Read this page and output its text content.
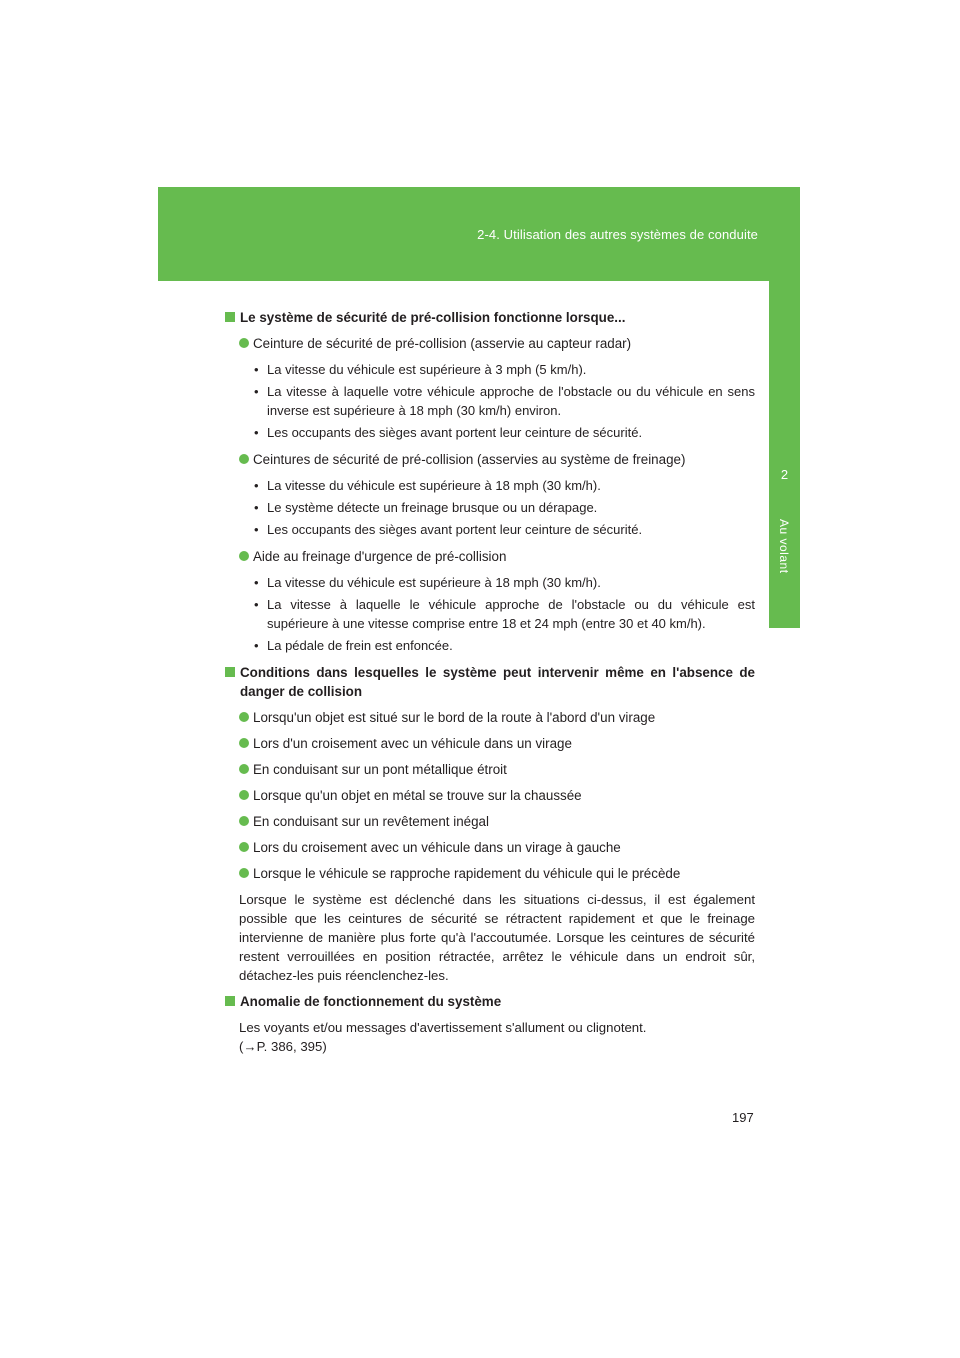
2-4. Utilisation des autres systèmes de conduite
2
Au volant

Le système de sécurité de pré-collision fonctionne lorsque...

Ceinture de sécurité de pré-collision (asservie au capteur radar)

• La vitesse du véhicule est supérieure à 3 mph (5 km/h).

• La vitesse à laquelle votre véhicule approche de l'obstacle ou du véhicule en sens inverse est supérieure à 18 mph (30 km/h) environ.

• Les occupants des sièges avant portent leur ceinture de sécurité.

Ceintures de sécurité de pré-collision (asservies au système de freinage)

• La vitesse du véhicule est supérieure à 18 mph (30 km/h).

• Le système détecte un freinage brusque ou un dérapage.

• Les occupants des sièges avant portent leur ceinture de sécurité.

Aide au freinage d'urgence de pré-collision

• La vitesse du véhicule est supérieure à 18 mph (30 km/h).

• La vitesse à laquelle le véhicule approche de l'obstacle ou du véhicule est supérieure à une vitesse comprise entre 18 et 24 mph (entre 30 et 40 km/h).

• La pédale de frein est enfoncée.

Conditions dans lesquelles le système peut intervenir même en l'absence de danger de collision

Lorsqu'un objet est situé sur le bord de la route à l'abord d'un virage

Lors d'un croisement avec un véhicule dans un virage

En conduisant sur un pont métallique étroit

Lorsque qu'un objet en métal se trouve sur la chaussée

En conduisant sur un revêtement inégal

Lors du croisement avec un véhicule dans un virage à gauche

Lorsque le véhicule se rapproche rapidement du véhicule qui le précède

Lorsque le système est déclenché dans les situations ci-dessus, il est également possible que les ceintures de sécurité se rétractent rapidement et que le freinage intervienne de manière plus forte qu'à l'accoutumée. Lorsque les ceintures de sécurité restent verrouillées en position rétractée, arrêtez le véhicule dans un endroit sûr, détachez-les puis réenclenchez-les.

Anomalie de fonctionnement du système

Les voyants et/ou messages d'avertissement s'allument ou clignotent.

(→P. 386, 395)

197
